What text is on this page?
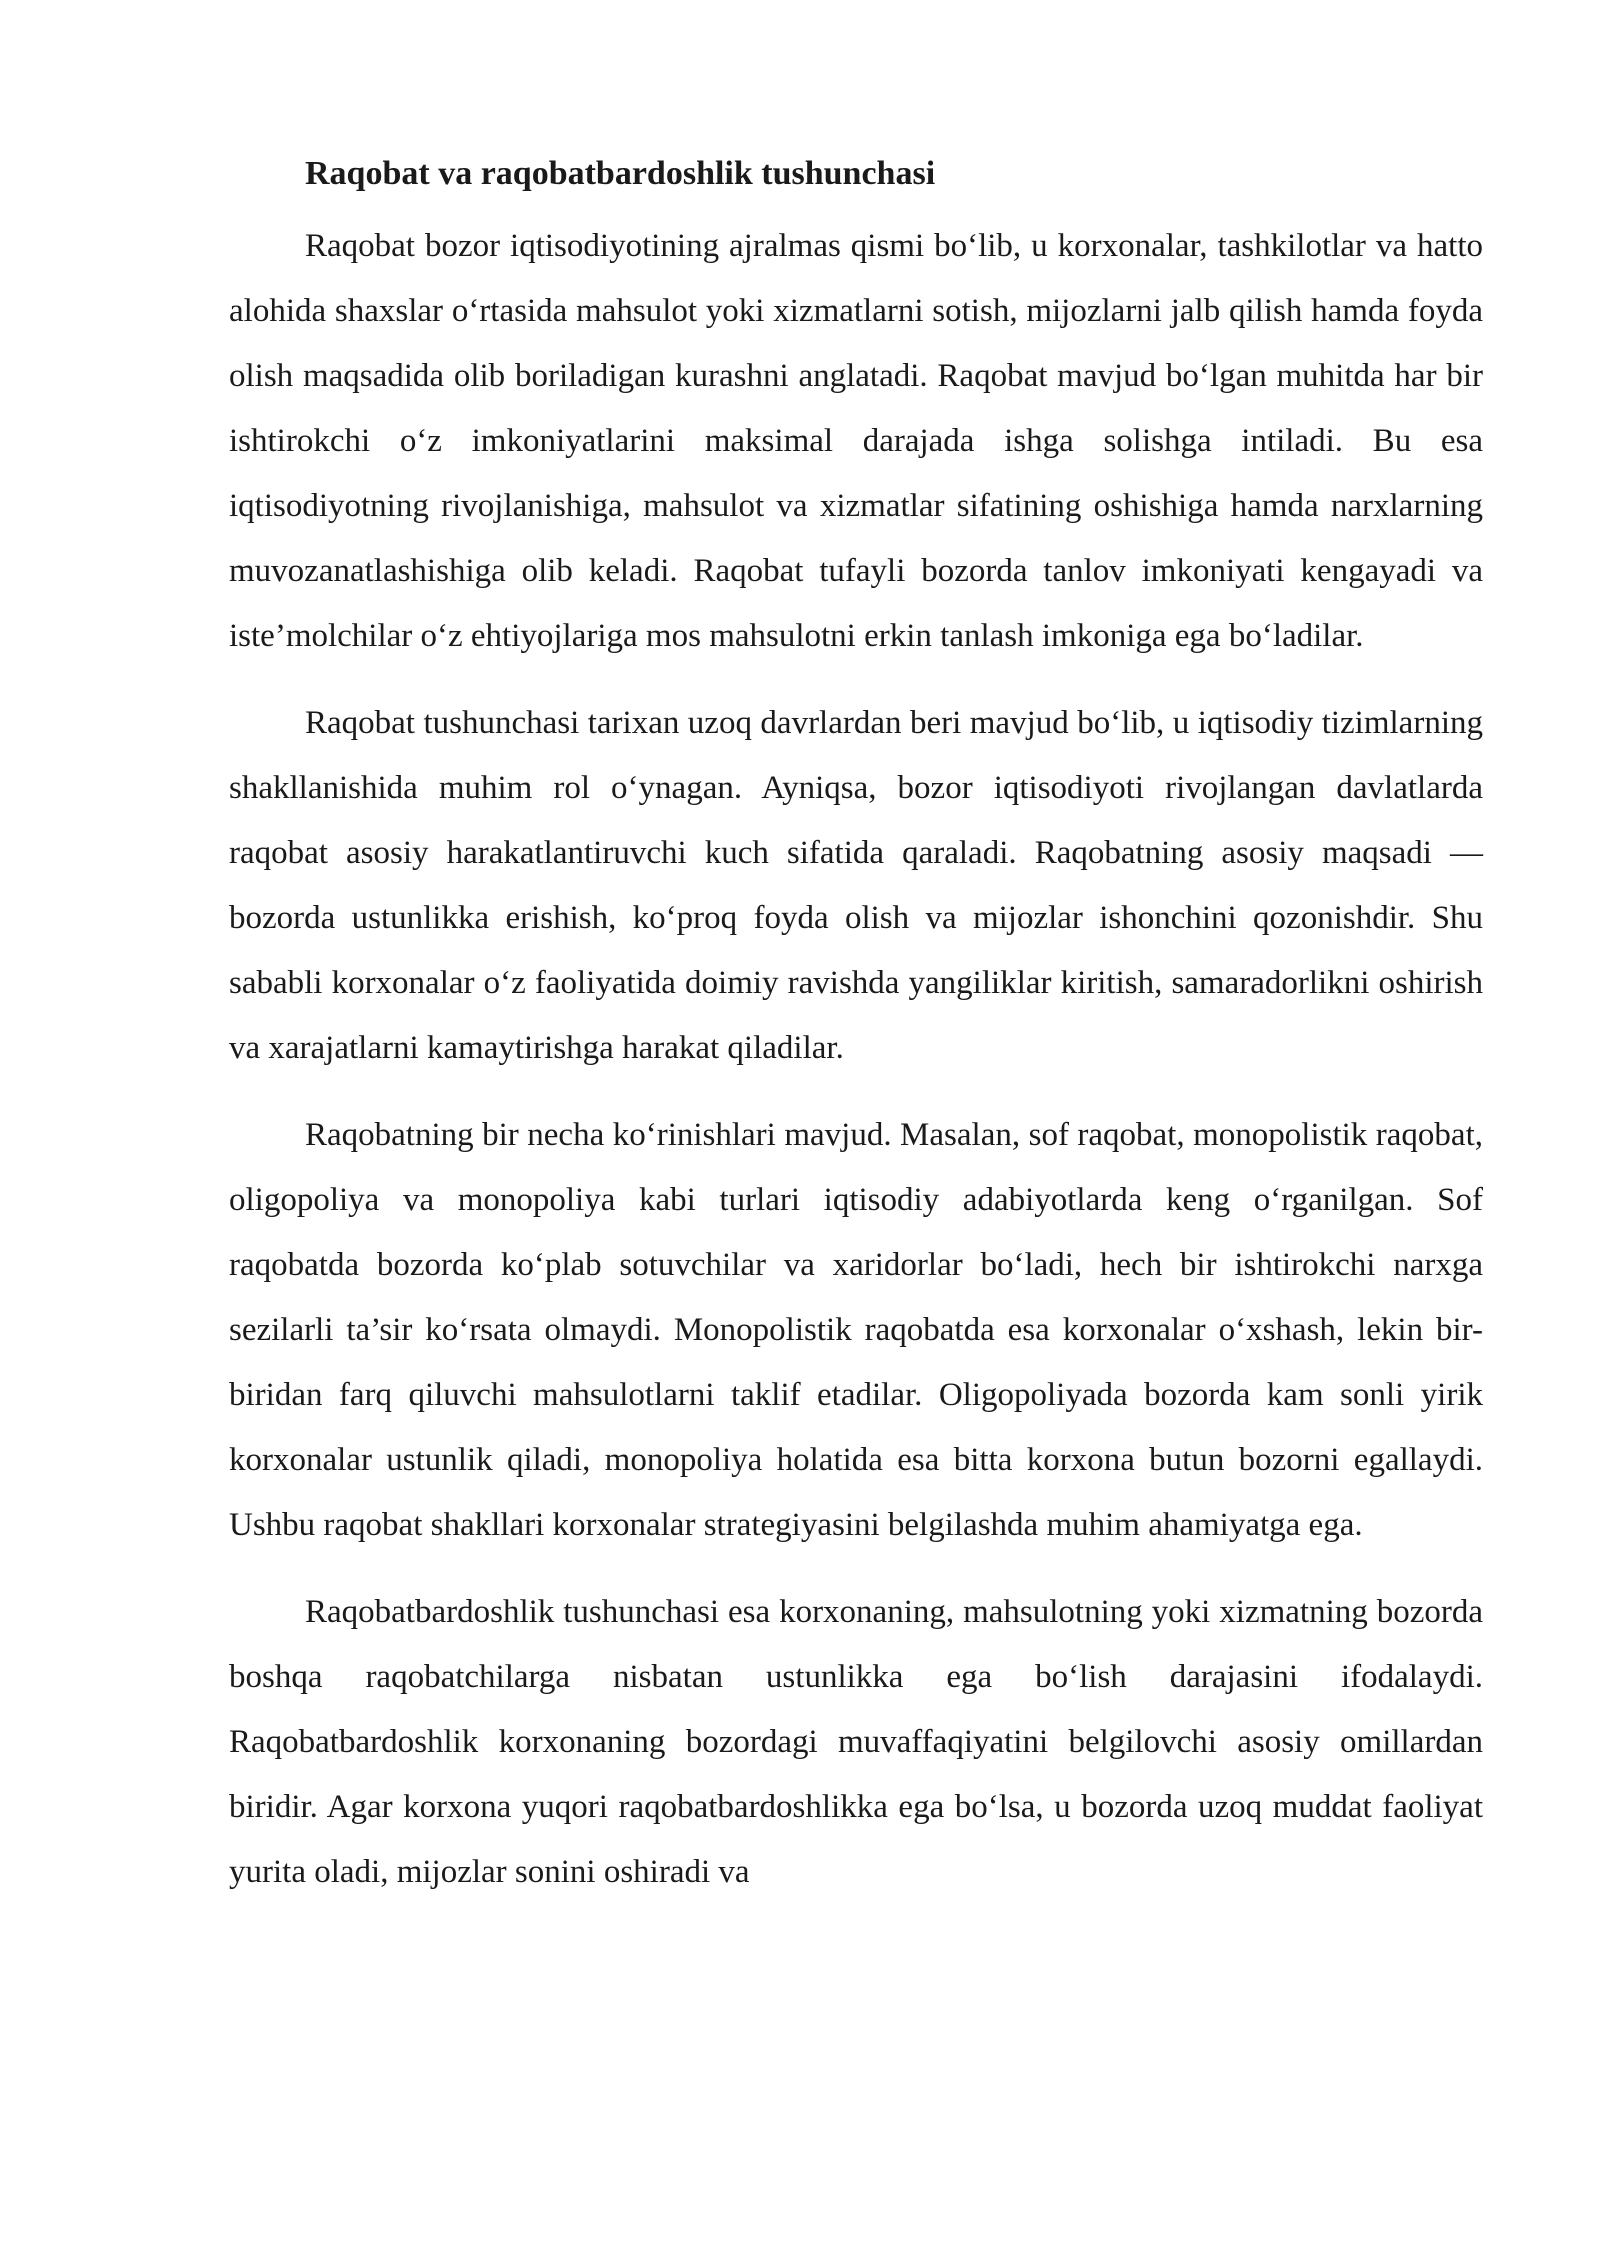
Raqobat va raqobatbardoshlik tushunchasi

Raqobat bozor iqtisodiyotining ajralmas qismi bo‘lib, u korxonalar, tashkilotlar va hatto alohida shaxslar o‘rtasida mahsulot yoki xizmatlarni sotish, mijozlarni jalb qilish hamda foyda olish maqsadida olib boriladigan kurashni anglatadi. Raqobat mavjud bo‘lgan muhitda har bir ishtirokchi o‘z imkoniyatlarini maksimal darajada ishga solishga intiladi. Bu esa iqtisodiyotning rivojlanishiga, mahsulot va xizmatlar sifatining oshishiga hamda narxlarning muvozanatlashishiga olib keladi. Raqobat tufayli bozorda tanlov imkoniyati kengayadi va iste’molchilar o‘z ehtiyojlariga mos mahsulotni erkin tanlash imkoniga ega bo‘ladilar.

Raqobat tushunchasi tarixan uzoq davrlardan beri mavjud bo‘lib, u iqtisodiy tizimlarning shakllanishida muhim rol o‘ynagan. Ayniqsa, bozor iqtisodiyoti rivojlangan davlatlarda raqobat asosiy harakatlantiruvchi kuch sifatida qaraladi. Raqobatning asosiy maqsadi — bozorda ustunlikka erishish, ko‘proq foyda olish va mijozlar ishonchini qozonishdir. Shu sababli korxonalar o‘z faoliyatida doimiy ravishda yangiliklar kiritish, samaradorlikni oshirish va xarajatlarni kamaytirishga harakat qiladilar.

Raqobatning bir necha ko‘rinishlari mavjud. Masalan, sof raqobat, monopolistik raqobat, oligopoliya va monopoliya kabi turlari iqtisodiy adabiyotlarda keng o‘rganilgan. Sof raqobatda bozorda ko‘plab sotuvchilar va xaridorlar bo‘ladi, hech bir ishtirokchi narxga sezilarli ta’sir ko‘rsata olmaydi. Monopolistik raqobatda esa korxonalar o‘xshash, lekin bir-biridan farq qiluvchi mahsulotlarni taklif etadilar. Oligopoliyada bozorda kam sonli yirik korxonalar ustunlik qiladi, monopoliya holatida esa bitta korxona butun bozorni egallaydi. Ushbu raqobat shakllari korxonalar strategiyasini belgilashda muhim ahamiyatga ega.

Raqobatbardoshlik tushunchasi esa korxonaning, mahsulotning yoki xizmatning bozorda boshqa raqobatchilarga nisbatan ustunlikka ega bo‘lish darajasini ifodalaydi. Raqobatbardoshlik korxonaning bozordagi muvaffaqiyatini belgilovchi asosiy omillardan biridir. Agar korxona yuqori raqobatbardoshlikka ega bo‘lsa, u bozorda uzoq muddat faoliyat yurita oladi, mijozlar sonini oshiradi va
